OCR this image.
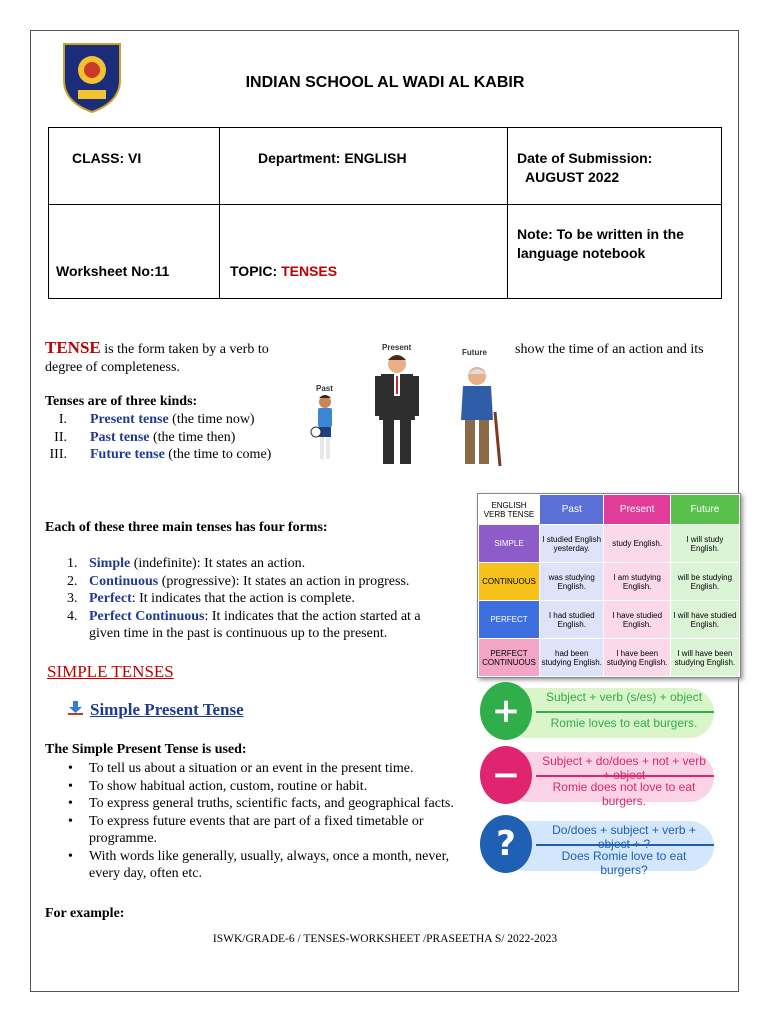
INDIAN SCHOOL AL WADI AL KABIR
CLASS: VI	Department: ENGLISH	Date of Submission:
AUGUST 2022

Worksheet No:11	TOPIC: TENSES	Note: To be written in the language notebook
TENSE is the form taken by a verb to	show the time of an action and its
degree of completeness.
Tenses are of three kinds:
I. Present tense (the time now)
II. Past tense (the time then)
III. Future tense (the time to come)
Present
Future
Past
Each of these three main tenses has four forms:
1. Simple (indefinite): It states an action.
2. Continuous (progressive): It states an action in progress.
3. Perfect: It indicates that the action is complete.
4. Perfect Continuous: It indicates that the action started at a given time in the past is continuous up to the present.
ENGLISH VERB TENSE	Past	Present	Future
SIMPLE	I studied English yesterday.	study English.	I will study English.
CONTINUOUS	was studying English.	I am studying English.	will be studying English.
PERFECT	I had studied English.	I have studied English.	I will have studied English.
PERFECT CONTINUOUS	had been studying English.	I have been studying English.	I will have been studying English.
SIMPLE TENSES
Simple Present Tense
The Simple Present Tense is used:
• To tell us about a situation or an event in the present time.
• To show habitual action, custom, routine or habit.
• To express general truths, scientific facts, and geographical facts.
• To express future events that are part of a fixed timetable or programme.
• With words like generally, usually, always, once a month, never, every day, often etc.
For example:
+	Subject + verb (s/es) + object
Romie loves to eat burgers.
−	Subject + do/does + not + verb + object
Romie does not love to eat burgers.
?	Do/does + subject + verb + object + ?
Does Romie love to eat burgers?
ISWK/GRADE-6 / TENSES-WORKSHEET /PRASEETHA S/ 2022-2023
